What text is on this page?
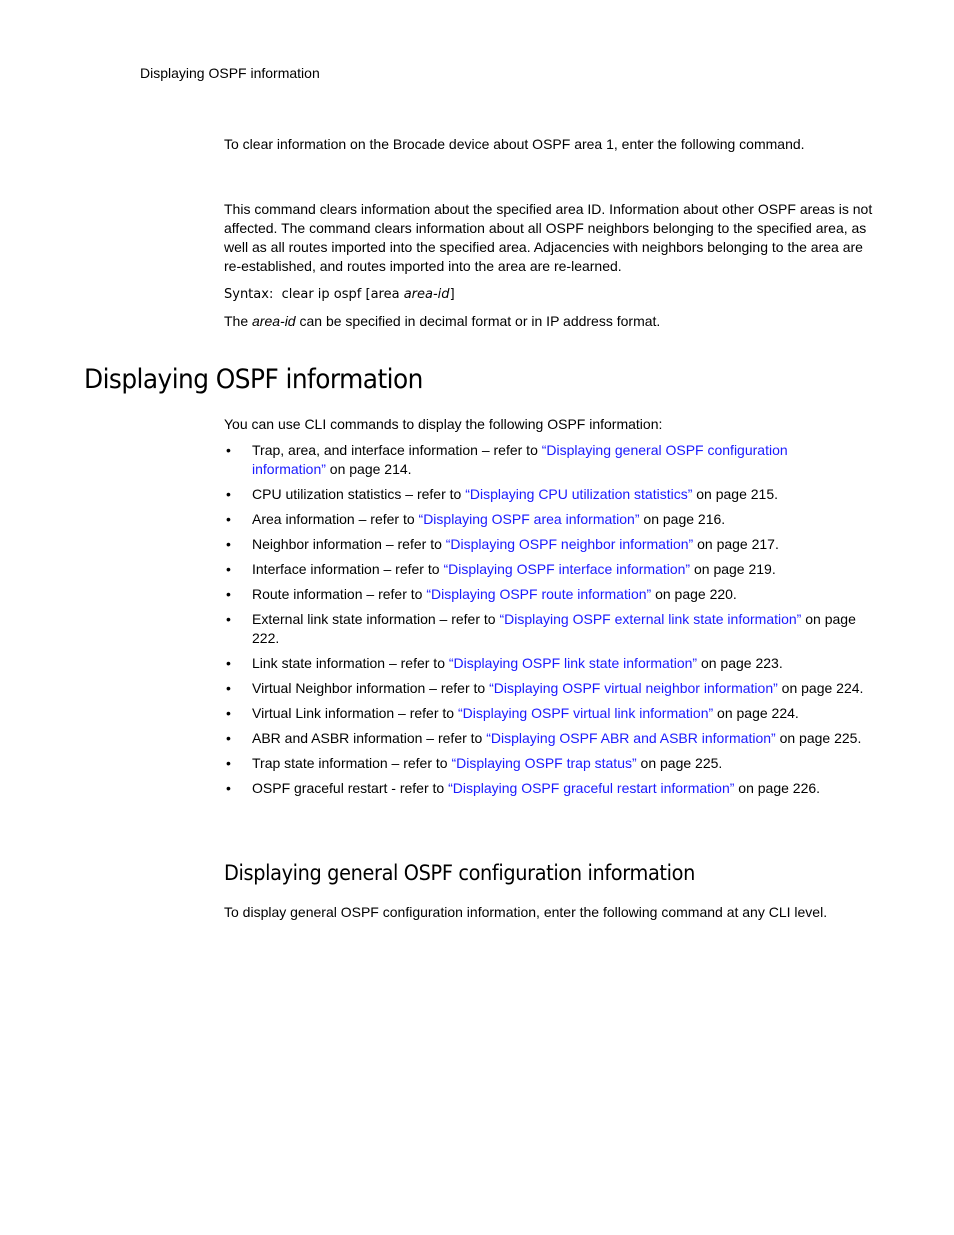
Displaying OSPF information
To clear information on the Brocade device about OSPF area 1, enter the following command.
This command clears information about the specified area ID. Information about other OSPF areas is not affected. The command clears information about all OSPF neighbors belonging to the specified area, as well as all routes imported into the specified area. Adjacencies with neighbors belonging to the area are re-established, and routes imported into the area are re-learned.
Syntax: clear ip ospf [area area-id]
The area-id can be specified in decimal format or in IP address format.
Displaying OSPF information
You can use CLI commands to display the following OSPF information:
• Trap, area, and interface information – refer to “Displaying general OSPF configuration information” on page 214.
• CPU utilization statistics – refer to “Displaying CPU utilization statistics” on page 215.
• Area information – refer to “Displaying OSPF area information” on page 216.
• Neighbor information – refer to “Displaying OSPF neighbor information” on page 217.
• Interface information – refer to “Displaying OSPF interface information” on page 219.
• Route information – refer to “Displaying OSPF route information” on page 220.
• External link state information – refer to “Displaying OSPF external link state information” on page 222.
• Link state information – refer to “Displaying OSPF link state information” on page 223.
• Virtual Neighbor information – refer to “Displaying OSPF virtual neighbor information” on page 224.
• Virtual Link information – refer to “Displaying OSPF virtual link information” on page 224.
• ABR and ASBR information – refer to “Displaying OSPF ABR and ASBR information” on page 225.
• Trap state information – refer to “Displaying OSPF trap status” on page 225.
• OSPF graceful restart - refer to “Displaying OSPF graceful restart information” on page 226.
Displaying general OSPF configuration information
To display general OSPF configuration information, enter the following command at any CLI level.
